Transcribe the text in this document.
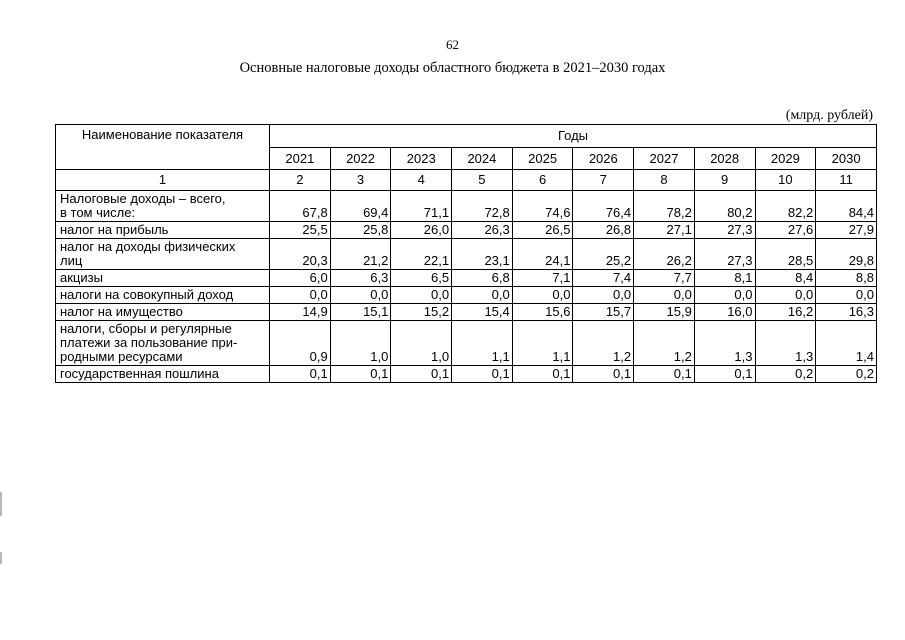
62
Основные налоговые доходы областного бюджета в 2021–2030 годах
(млрд. рублей)
Наименование показателя	Годы									
	2021	2022	2023	2024	2025	2026	2027	2028	2029	2030
1	2	3	4	5	6	7	8	9	10	11

Налоговые доходы – всего,
в том числе:	67,8	69,4	71,1	72,8	74,6	76,4	78,2	80,2	82,2	84,4

налог на прибыль	25,5	25,8	26,0	26,3	26,5	26,8	27,1	27,3	27,6	27,9

налог на доходы физических
лиц	20,3	21,2	22,1	23,1	24,1	25,2	26,2	27,3	28,5	29,8

акцизы	6,0	6,3	6,5	6,8	7,1	7,4	7,7	8,1	8,4	8,8

налоги на совокупный доход	0,0	0,0	0,0	0,0	0,0	0,0	0,0	0,0	0,0	0,0

налог на имущество	14,9	15,1	15,2	15,4	15,6	15,7	15,9	16,0	16,2	16,3

налоги, сборы и регулярные
платежи за пользование при-
родными ресурсами	0,9	1,0	1,0	1,1	1,1	1,2	1,2	1,3	1,3	1,4

государственная пошлина	0,1	0,1	0,1	0,1	0,1	0,1	0,1	0,1	0,2	0,2
